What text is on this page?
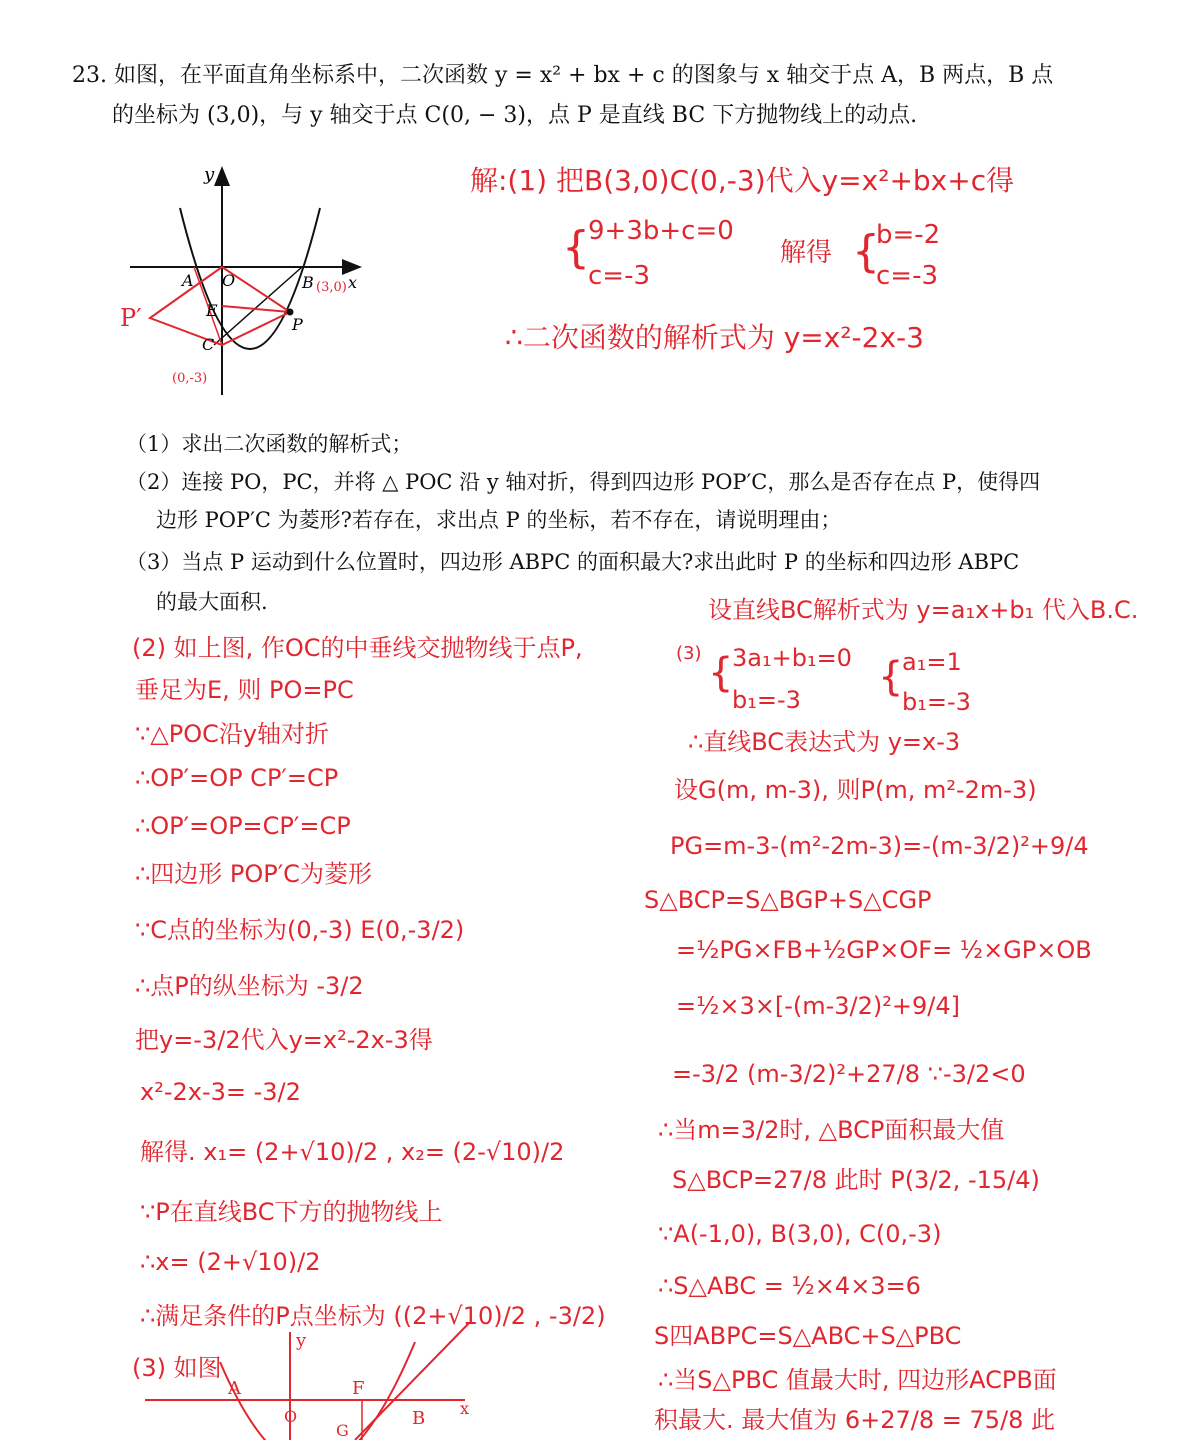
23. 如图，在平面直角坐标系中，二次函数 y = x² + bx + c 的图象与 x 轴交于点 A，B 两点，B 点
的坐标为 (3,0)，与 y 轴交于点 C(0, − 3)，点 P 是直线 BC 下方抛物线上的动点.
y
x
A O	B (3,0)
P′	E
P
C
(0,-3)
解:(1) 把B(3,0)C(0,-3)代入y=x²+bx+c得
{
9+3b+c=0
c=-3
解得 {
b=-2
c=-3
∴二次函数的解析式为 y=x²-2x-3
（1）求出二次函数的解析式；
（2）连接 PO，PC，并将 △ POC 沿 y 轴对折，得到四边形 POP′C，那么是否存在点 P，使得四
边形 POP′C 为菱形?若存在，求出点 P 的坐标，若不存在，请说明理由；
（3）当点 P 运动到什么位置时，四边形 ABPC 的面积最大?求出此时 P 的坐标和四边形 ABPC
的最大面积.
(2) 如上图, 作OC的中垂线交抛物线于点P,
垂足为E, 则 PO=PC
∵△POC沿y轴对折
∴OP′=OP CP′=CP
∴OP′=OP=CP′=CP
∴四边形 POP′C为菱形
∵C点的坐标为(0,-3) E(0,-3/2)
∴点P的纵坐标为 -3/2
把y=-3/2代入y=x²-2x-3得
x²-2x-3= -3/2
解得. x₁= (2+√10)/2 , x₂= (2-√10)/2
∵P在直线BC下方的抛物线上
∴x= (2+√10)/2
∴满足条件的P点坐标为 ((2+√10)/2 , -3/2)
(3) 如图
A
O
F
B
y
x
G
设直线BC解析式为 y=a₁x+b₁ 代入B.C.
(3) {
3a₁+b₁=0
b₁=-3 {
a₁=1
b₁=-3
∴直线BC表达式为 y=x-3
设G(m, m-3), 则P(m, m²-2m-3)
PG=m-3-(m²-2m-3)=-(m-3/2)²+9/4
S△BCP=S△BGP+S△CGP
=½PG×FB+½GP×OF= ½×GP×OB
=½×3×[-(m-3/2)²+9/4]
=-3/2 (m-3/2)²+27/8 ∵-3/2<0
∴当m=3/2时, △BCP面积最大值
S△BCP=27/8 此时 P(3/2, -15/4)
∵A(-1,0), B(3,0), C(0,-3)
∴S△ABC = ½×4×3=6
S四ABPC=S△ABC+S△PBC
∴当S△PBC 值最大时, 四边形ACPB面
积最大. 最大值为 6+27/8 = 75/8 此
